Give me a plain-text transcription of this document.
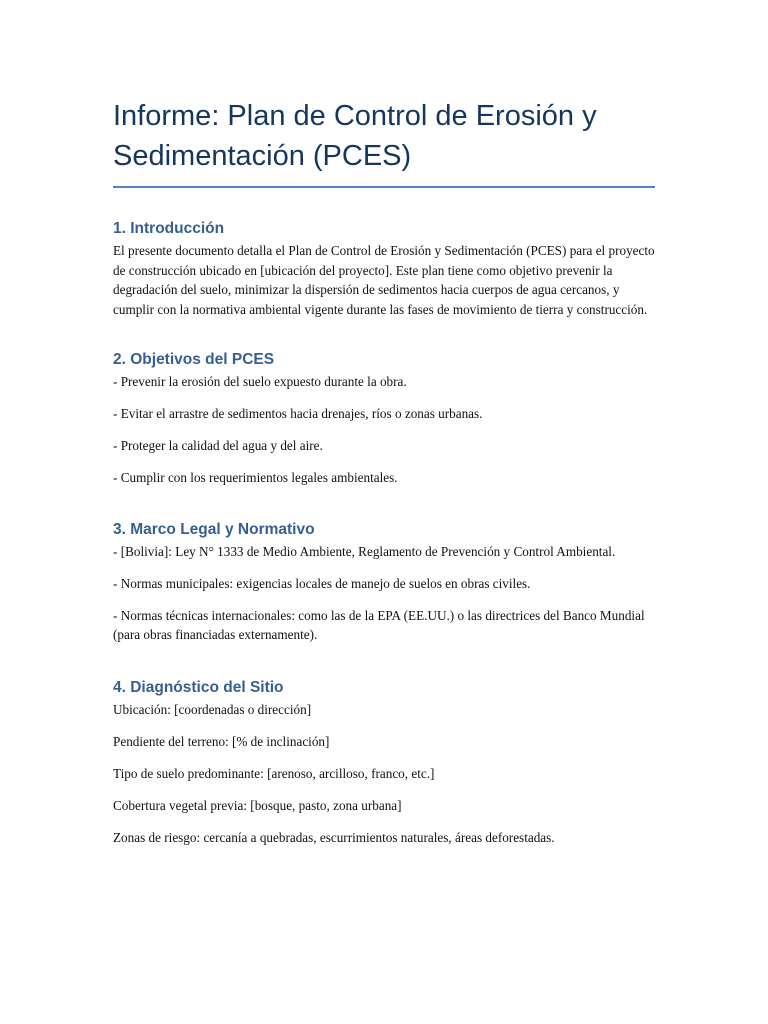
Informe: Plan de Control de Erosión y Sedimentación (PCES)
1. Introducción

El presente documento detalla el Plan de Control de Erosión y Sedimentación (PCES) para el proyecto de construcción ubicado en [ubicación del proyecto]. Este plan tiene como objetivo prevenir la degradación del suelo, minimizar la dispersión de sedimentos hacia cuerpos de agua cercanos, y cumplir con la normativa ambiental vigente durante las fases de movimiento de tierra y construcción.

2. Objetivos del PCES

- Prevenir la erosión del suelo expuesto durante la obra.

- Evitar el arrastre de sedimentos hacia drenajes, ríos o zonas urbanas.

- Proteger la calidad del agua y del aire.

- Cumplir con los requerimientos legales ambientales.

3. Marco Legal y Normativo

- [Bolivia]: Ley N° 1333 de Medio Ambiente, Reglamento de Prevención y Control Ambiental.

- Normas municipales: exigencias locales de manejo de suelos en obras civiles.

- Normas técnicas internacionales: como las de la EPA (EE.UU.) o las directrices del Banco Mundial (para obras financiadas externamente).

4. Diagnóstico del Sitio

Ubicación: [coordenadas o dirección]

Pendiente del terreno: [% de inclinación]

Tipo de suelo predominante: [arenoso, arcilloso, franco, etc.]

Cobertura vegetal previa: [bosque, pasto, zona urbana]

Zonas de riesgo: cercanía a quebradas, escurrimientos naturales, áreas deforestadas.
